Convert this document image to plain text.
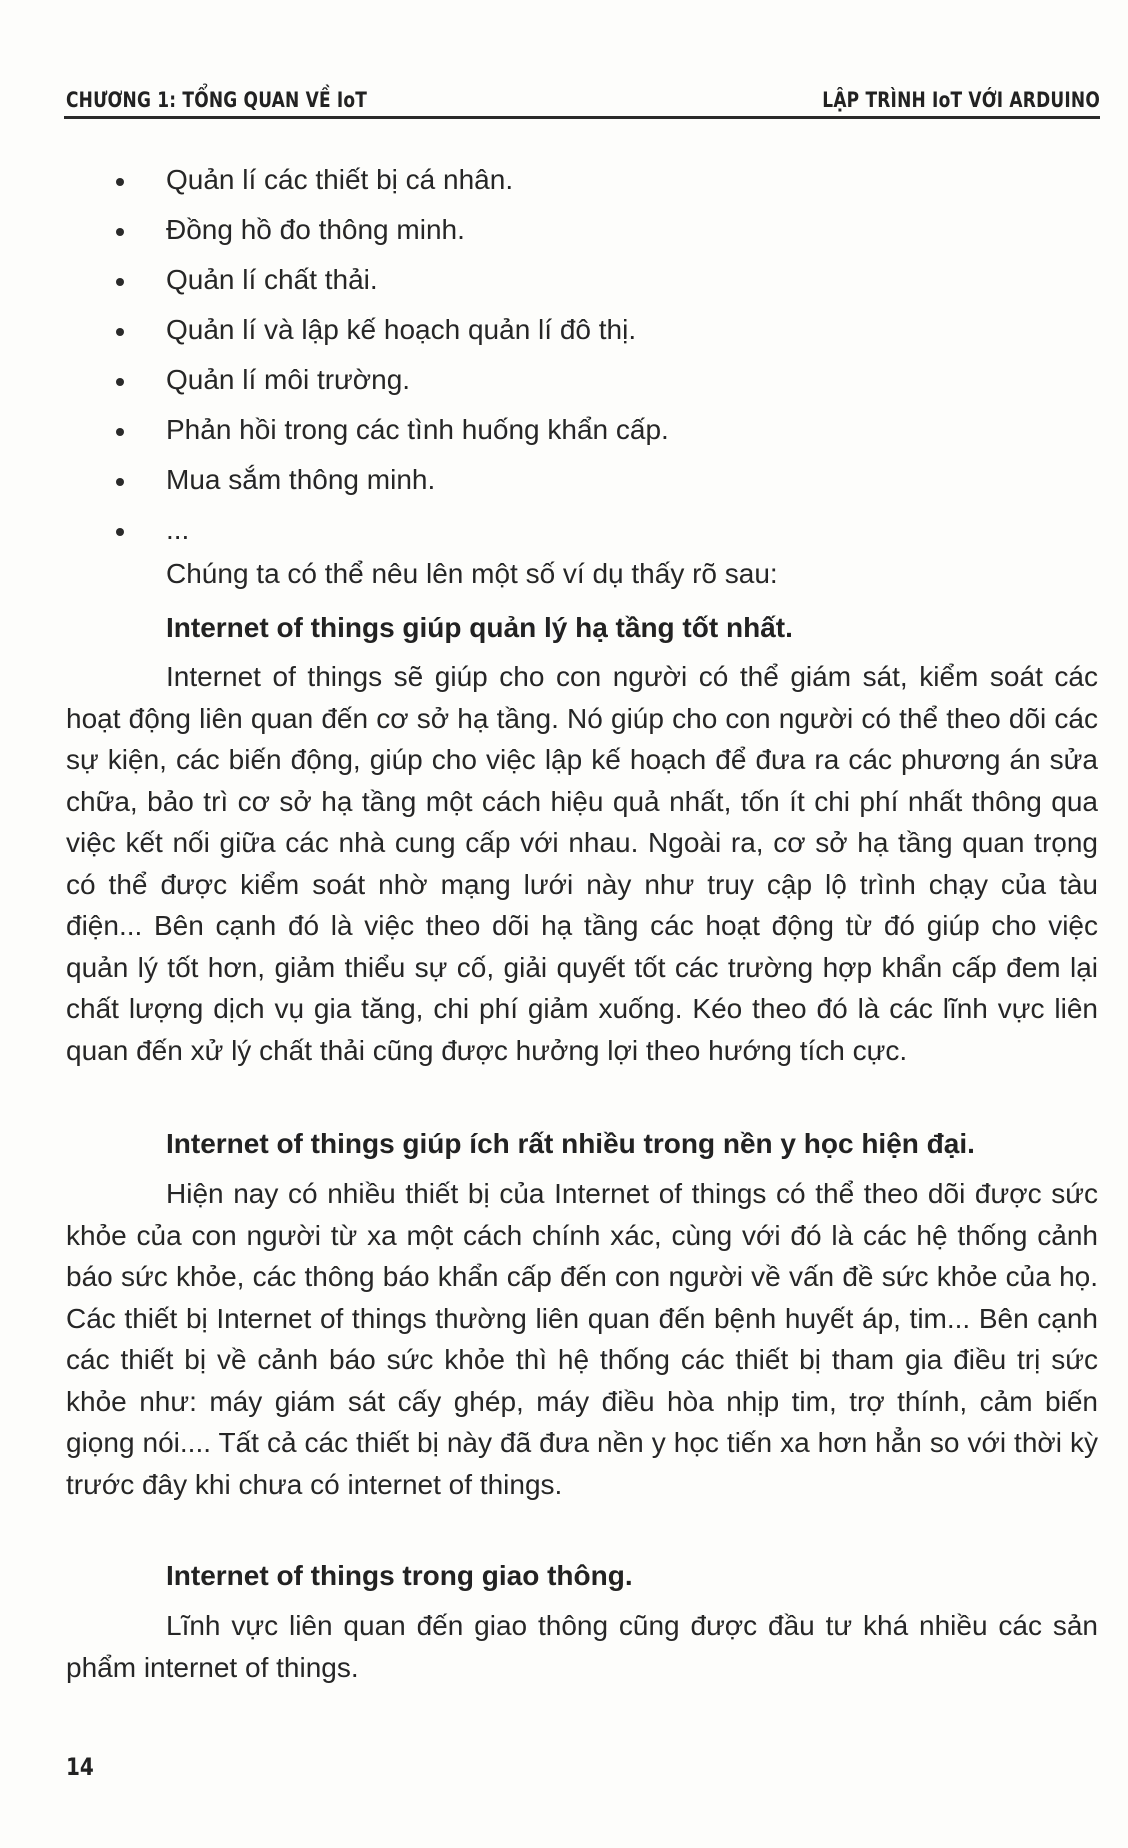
CHƯƠNG 1: TỔNG QUAN VỀ IoT	LẬP TRÌNH IoT VỚI ARDUINO
Quản lí các thiết bị cá nhân.
Đồng hồ đo thông minh.
Quản lí chất thải.
Quản lí và lập kế hoạch quản lí đô thị.
Quản lí môi trường.
Phản hồi trong các tình huống khẩn cấp.
Mua sắm thông minh.
...
Chúng ta có thể nêu lên một số ví dụ thấy rõ sau:
Internet of things giúp quản lý hạ tầng tốt nhất.

Internet of things sẽ giúp cho con người có thể giám sát, kiểm soát các hoạt động liên quan đến cơ sở hạ tầng. Nó giúp cho con người có thể theo dõi các sự kiện, các biến động, giúp cho việc lập kế hoạch để đưa ra các phương án sửa chữa, bảo trì cơ sở hạ tầng một cách hiệu quả nhất, tốn ít chi phí nhất thông qua việc kết nối giữa các nhà cung cấp với nhau. Ngoài ra, cơ sở hạ tầng quan trọng có thể được kiểm soát nhờ mạng lưới này như truy cập lộ trình chạy của tàu điện... Bên cạnh đó là việc theo dõi hạ tầng các hoạt động từ đó giúp cho việc quản lý tốt hơn, giảm thiểu sự cố, giải quyết tốt các trường hợp khẩn cấp đem lại chất lượng dịch vụ gia tăng, chi phí giảm xuống. Kéo theo đó là các lĩnh vực liên quan đến xử lý chất thải cũng được hưởng lợi theo hướng tích cực.

Internet of things giúp ích rất nhiều trong nền y học hiện đại.

Hiện nay có nhiều thiết bị của Internet of things có thể theo dõi được sức khỏe của con người từ xa một cách chính xác, cùng với đó là các hệ thống cảnh báo sức khỏe, các thông báo khẩn cấp đến con người về vấn đề sức khỏe của họ. Các thiết bị Internet of things thường liên quan đến bệnh huyết áp, tim... Bên cạnh các thiết bị về cảnh báo sức khỏe thì hệ thống các thiết bị tham gia điều trị sức khỏe như: máy giám sát cấy ghép, máy điều hòa nhịp tim, trợ thính, cảm biến giọng nói.... Tất cả các thiết bị này đã đưa nền y học tiến xa hơn hẳn so với thời kỳ trước đây khi chưa có internet of things.

Internet of things trong giao thông.

Lĩnh vực liên quan đến giao thông cũng được đầu tư khá nhiều các sản phẩm internet of things.

14
